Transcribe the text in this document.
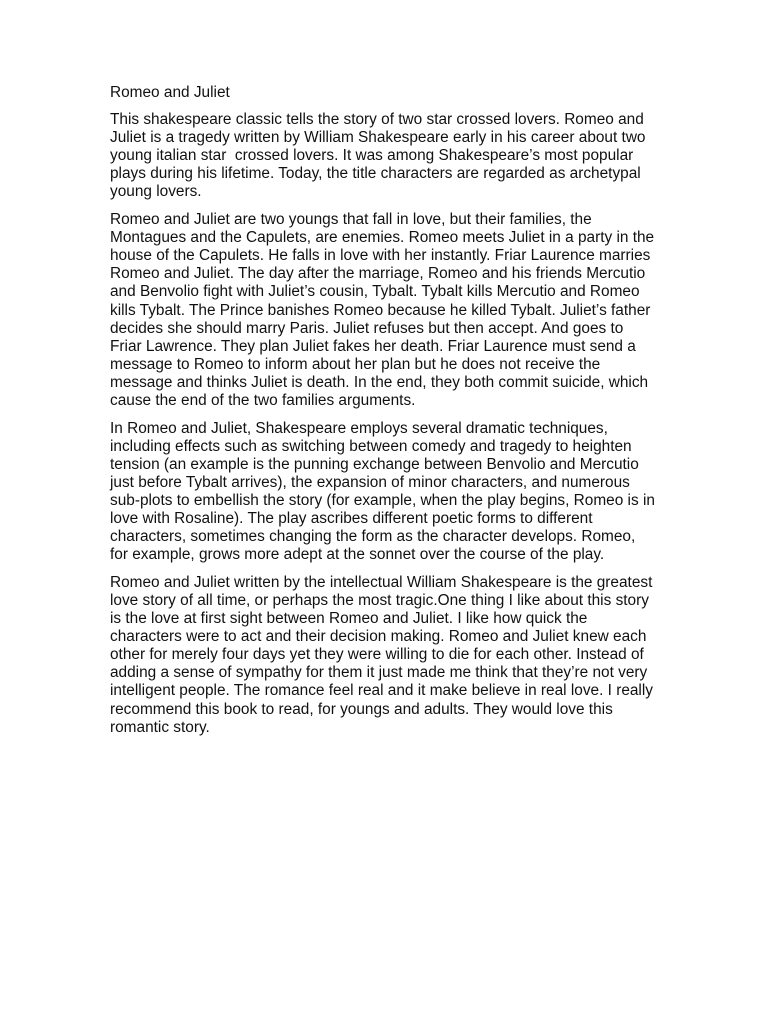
Romeo and Juliet
This shakespeare classic tells the story of two star crossed lovers. Romeo and
Juliet is a tragedy written by William Shakespeare early in his career about two
young italian star  crossed lovers. It was among Shakespeare’s most popular
plays during his lifetime. Today, the title characters are regarded as archetypal
young lovers.
Romeo and Juliet are two youngs that fall in love, but their families, the
Montagues and the Capulets, are enemies. Romeo meets Juliet in a party in the
house of the Capulets. He falls in love with her instantly. Friar Laurence marries
Romeo and Juliet. The day after the marriage, Romeo and his friends Mercutio
and Benvolio fight with Juliet’s cousin, Tybalt. Tybalt kills Mercutio and Romeo
kills Tybalt. The Prince banishes Romeo because he killed Tybalt. Juliet’s father
decides she should marry Paris. Juliet refuses but then accept. And goes to
Friar Lawrence. They plan Juliet fakes her death. Friar Laurence must send a
message to Romeo to inform about her plan but he does not receive the
message and thinks Juliet is death. In the end, they both commit suicide, which
cause the end of the two families arguments.
In Romeo and Juliet, Shakespeare employs several dramatic techniques,
including effects such as switching between comedy and tragedy to heighten
tension (an example is the punning exchange between Benvolio and Mercutio
just before Tybalt arrives), the expansion of minor characters, and numerous
sub-plots to embellish the story (for example, when the play begins, Romeo is in
love with Rosaline). The play ascribes different poetic forms to different
characters, sometimes changing the form as the character develops. Romeo,
for example, grows more adept at the sonnet over the course of the play.
Romeo and Juliet written by the intellectual William Shakespeare is the greatest
love story of all time, or perhaps the most tragic.One thing I like about this story
is the love at first sight between Romeo and Juliet. I like how quick the
characters were to act and their decision making. Romeo and Juliet knew each
other for merely four days yet they were willing to die for each other. Instead of
adding a sense of sympathy for them it just made me think that they’re not very
intelligent people. The romance feel real and it make believe in real love. I really
recommend this book to read, for youngs and adults. They would love this
romantic story.
